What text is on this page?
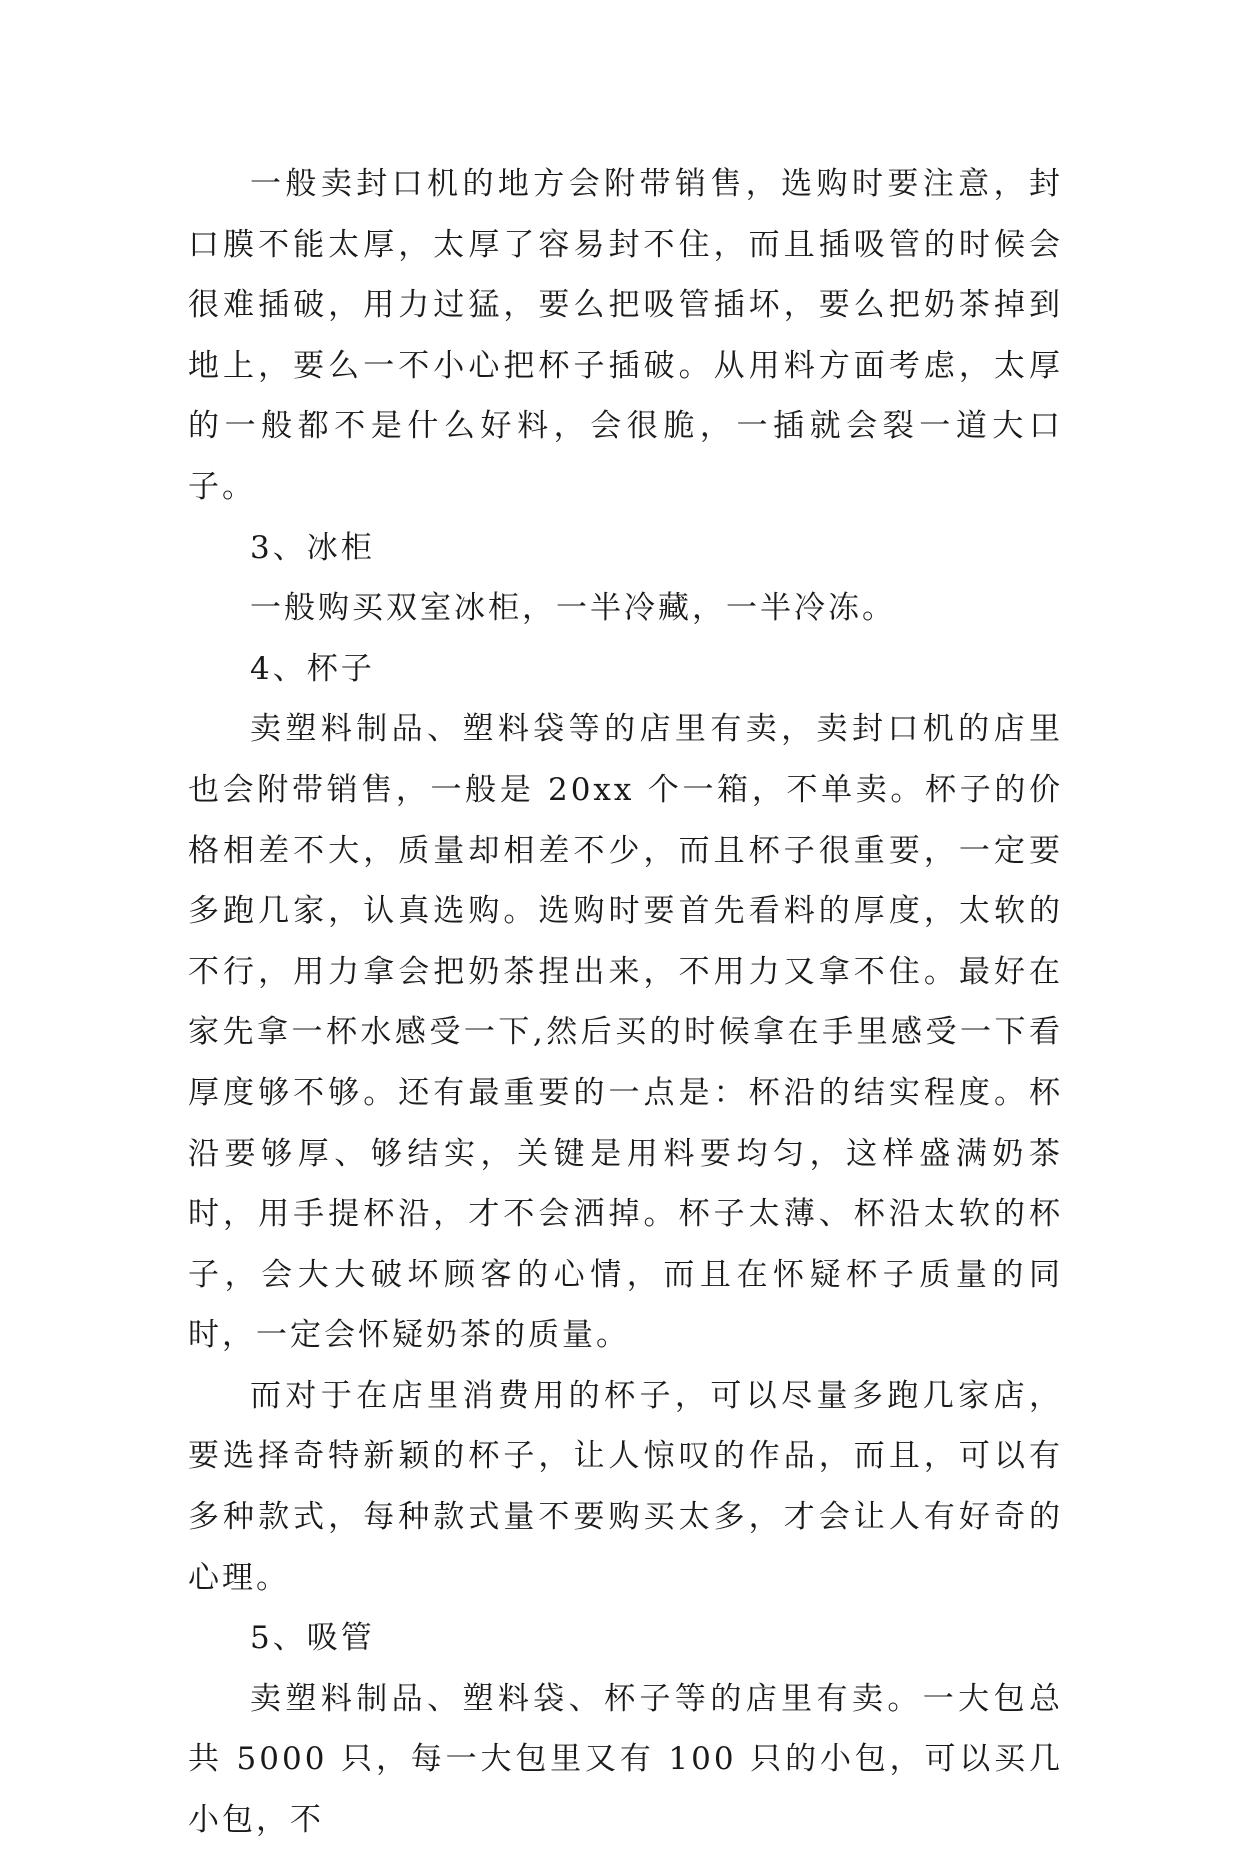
一般卖封口机的地方会附带销售，选购时要注意，封口膜不能太厚，太厚了容易封不住，而且插吸管的时候会很难插破，用力过猛，要么把吸管插坏，要么把奶茶掉到地上，要么一不小心把杯子插破。从用料方面考虑，太厚的一般都不是什么好料，会很脆，一插就会裂一道大口子。

3、冰柜

一般购买双室冰柜，一半冷藏，一半冷冻。

4、杯子

卖塑料制品、塑料袋等的店里有卖，卖封口机的店里也会附带销售，一般是 20xx 个一箱，不单卖。杯子的价格相差不大，质量却相差不少，而且杯子很重要，一定要多跑几家，认真选购。选购时要首先看料的厚度，太软的不行，用力拿会把奶茶捏出来，不用力又拿不住。最好在家先拿一杯水感受一下,然后买的时候拿在手里感受一下看厚度够不够。还有最重要的一点是：杯沿的结实程度。杯沿要够厚、够结实，关键是用料要均匀，这样盛满奶茶时，用手提杯沿，才不会洒掉。杯子太薄、杯沿太软的杯子，会大大破坏顾客的心情，而且在怀疑杯子质量的同时，一定会怀疑奶茶的质量。

而对于在店里消费用的杯子，可以尽量多跑几家店，要选择奇特新颖的杯子，让人惊叹的作品，而且，可以有多种款式，每种款式量不要购买太多，才会让人有好奇的心理。

5、吸管

卖塑料制品、塑料袋、杯子等的店里有卖。一大包总共 5000 只，每一大包里又有 100 只的小包，可以买几小包，不
